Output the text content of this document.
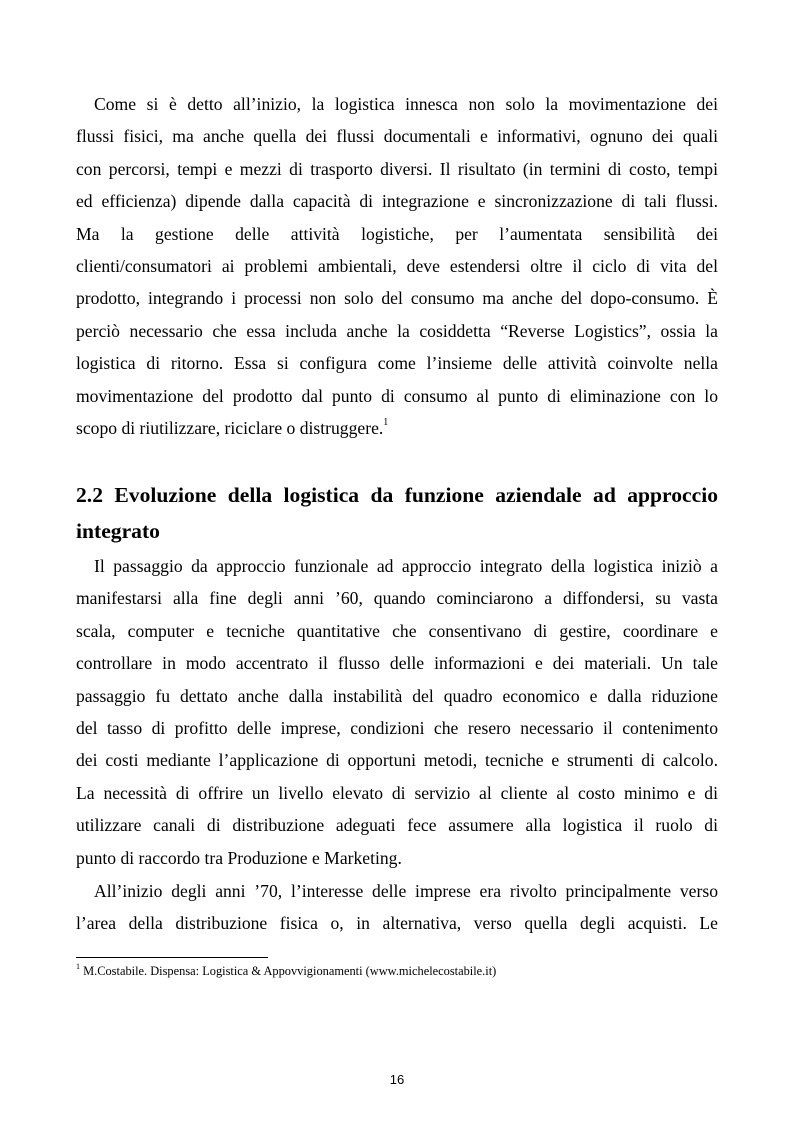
Come si è detto all’inizio, la logistica innesca non solo la movimentazione dei
flussi fisici, ma anche quella dei flussi documentali e informativi, ognuno dei quali
con percorsi, tempi e mezzi di trasporto diversi. Il risultato (in termini di costo, tempi
ed efficienza) dipende dalla capacità di integrazione e sincronizzazione di tali flussi.
Ma la gestione delle attività logistiche, per l’aumentata sensibilità dei
clienti/consumatori ai problemi ambientali, deve estendersi oltre il ciclo di vita del
prodotto, integrando i processi non solo del consumo ma anche del dopo-consumo. È
perciò necessario che essa includa anche la cosiddetta “Reverse Logistics”, ossia la
logistica di ritorno. Essa si configura come l’insieme delle attività coinvolte nella
movimentazione del prodotto dal punto di consumo al punto di eliminazione con lo
scopo di riutilizzare, riciclare o distruggere.$^1$
2.2 Evoluzione della logistica da funzione aziendale ad approccio
integrato
Il passaggio da approccio funzionale ad approccio integrato della logistica iniziò a
manifestarsi alla fine degli anni ’60, quando cominciarono a diffondersi, su vasta
scala, computer e tecniche quantitative che consentivano di gestire, coordinare e
controllare in modo accentrato il flusso delle informazioni e dei materiali. Un tale
passaggio fu dettato anche dalla instabilità del quadro economico e dalla riduzione
del tasso di profitto delle imprese, condizioni che resero necessario il contenimento
dei costi mediante l’applicazione di opportuni metodi, tecniche e strumenti di calcolo.
La necessità di offrire un livello elevato di servizio al cliente al costo minimo e di
utilizzare canali di distribuzione adeguati fece assumere alla logistica il ruolo di
punto di raccordo tra Produzione e Marketing.
All’inizio degli anni ’70, l’interesse delle imprese era rivolto principalmente verso
l’area della distribuzione fisica o, in alternativa, verso quella degli acquisti. Le
$^1$ M.Costabile. Dispensa: Logistica & Appovvigionamenti (www.michelecostabile.it)
16
